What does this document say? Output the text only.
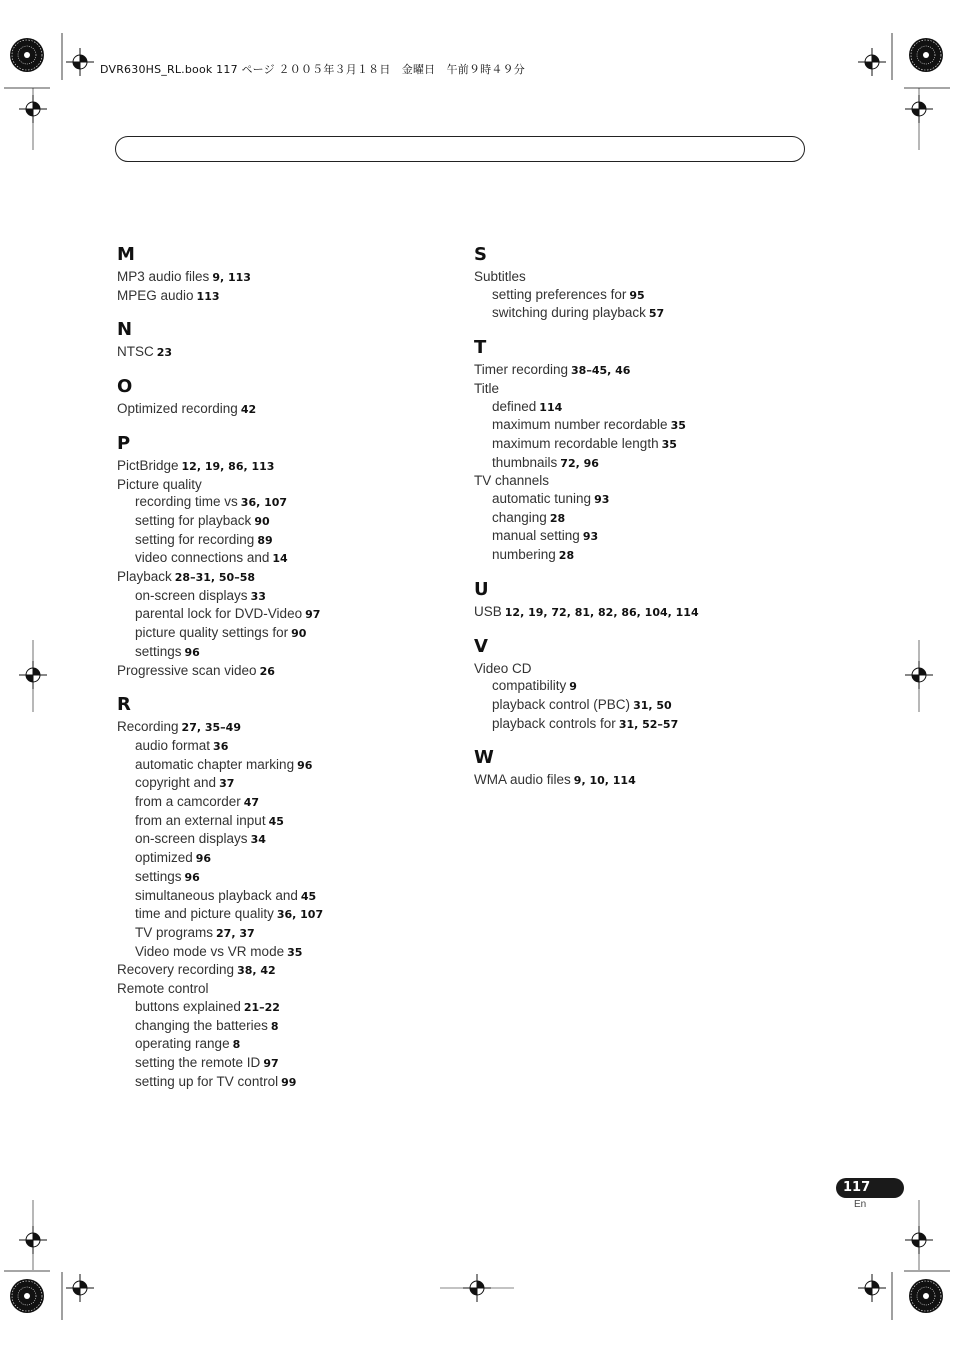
DVR630HS_RL.book 117 ページ ２００５年３月１８日　金曜日　午前９時４９分
M
MP3 audio files 9, 113
MPEG audio 113
N
NTSC 23
O
Optimized recording 42
P
PictBridge 12, 19, 86, 113
Picture quality
recording time vs 36, 107
setting for playback 90
setting for recording 89
video connections and 14
Playback 28–31, 50–58
on-screen displays 33
parental lock for DVD-Video 97
picture quality settings for 90
settings 96
Progressive scan video 26
R
Recording 27, 35–49
audio format 36
automatic chapter marking 96
copyright and 37
from a camcorder 47
from an external input 45
on-screen displays 34
optimized 96
settings 96
simultaneous playback and 45
time and picture quality 36, 107
TV programs 27, 37
Video mode vs VR mode 35
Recovery recording 38, 42
Remote control
buttons explained 21–22
changing the batteries 8
operating range 8
setting the remote ID 97
setting up for TV control 99
S
Subtitles
setting preferences for 95
switching during playback 57
T
Timer recording 38–45, 46
Title
defined 114
maximum number recordable 35
maximum recordable length 35
thumbnails 72, 96
TV channels
automatic tuning 93
changing 28
manual setting 93
numbering 28
U
USB 12, 19, 72, 81, 82, 86, 104, 114
V
Video CD
compatibility 9
playback control (PBC) 31, 50
playback controls for 31, 52–57
W
WMA audio files 9, 10, 114
117
En
